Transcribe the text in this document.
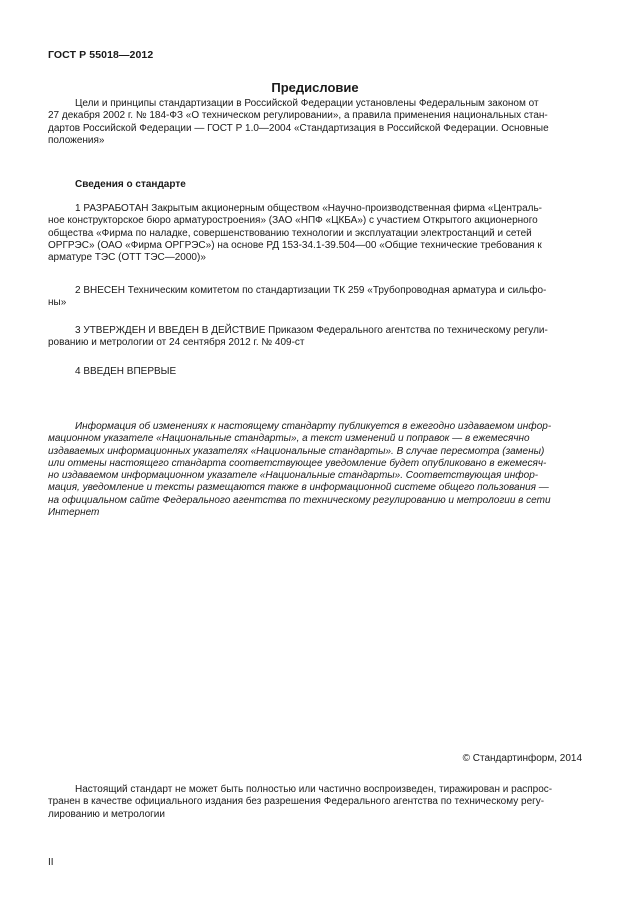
ГОСТ Р 55018—2012
Предисловие

Цели и принципы стандартизации в Российской Федерации установлены Федеральным законом от

27 декабря 2002 г. № 184-ФЗ «О техническом регулировании», а правила применения национальных стан-

дартов Российской Федерации — ГОСТ Р 1.0—2004 «Стандартизация в Российской Федерации. Основные

положения»

Сведения о стандарте

1 РАЗРАБОТАН Закрытым акционерным обществом «Научно-производственная фирма «Централь-

ное конструкторское бюро арматуростроения» (ЗАО «НПФ «ЦКБА») с участием Открытого акционерного

общества «Фирма по наладке, совершенствованию технологии и эксплуатации электростанций и сетей

ОРГРЭС» (ОАО «Фирма ОРГРЭС») на основе РД 153-34.1-39.504—00 «Общие технические требования к

арматуре ТЭС (ОТТ ТЭС—2000)»

2 ВНЕСЕН Техническим комитетом по стандартизации ТК 259 «Трубопроводная арматура и сильфо-

ны»

3 УТВЕРЖДЕН И ВВЕДЕН В ДЕЙСТВИЕ Приказом Федерального агентства по техническому регули-

рованию и метрологии от 24 сентября 2012 г. № 409-ст

4 ВВЕДЕН ВПЕРВЫЕ

Информация об изменениях к настоящему стандарту публикуется в ежегодно издаваемом инфор-

мационном указателе «Национальные стандарты», а текст изменений и поправок — в ежемесячно

издаваемых информационных указателях «Национальные стандарты». В случае пересмотра (замены)

или отмены настоящего стандарта соответствующее уведомление будет опубликовано в ежемесяч-

но издаваемом информационном указателе «Национальные стандарты». Соответствующая инфор-

мация, уведомление и тексты размещаются также в информационной системе общего пользования —

на официальном сайте Федерального агентства по техническому регулированию и метрологии в сети

Интернет

© Стандартинформ, 2014

Настоящий стандарт не может быть полностью или частично воспроизведен, тиражирован и распрос-

транен в качестве официального издания без разрешения Федерального агентства по техническому регу-

лированию и метрологии

II
